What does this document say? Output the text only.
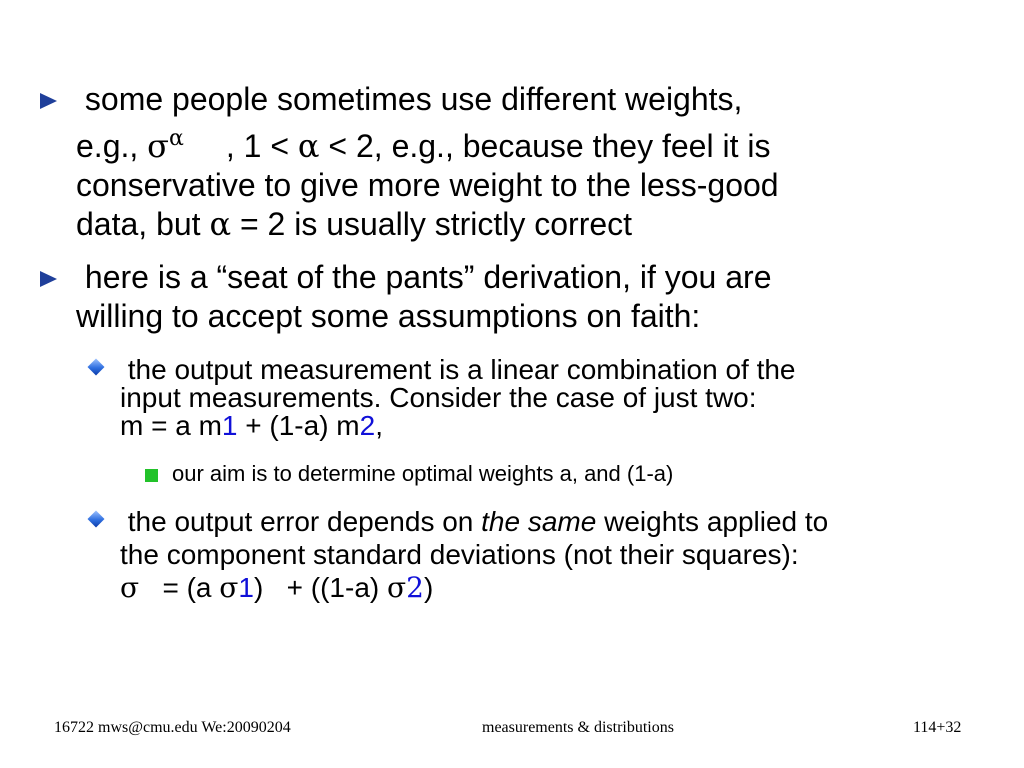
some people sometimes use different weights,
e.g., $\sigma^\alpha$ , 1 < α < 2, e.g., because they feel it is
conservative to give more weight to the less-good
data, but α = 2 is usually strictly correct
here is a “seat of the pants” derivation, if you are
willing to accept some assumptions on faith:
the output measurement is a linear combination of the
input measurements. Consider the case of just two:
m = a m1 + (1-a) m2,
our aim is to determine optimal weights a, and (1-a)
the output error depends on the same weights applied to
the component standard deviations (not their squares):
σ   = (a σ1)   + ((1-a) σ2)
16722 mws@cmu.edu We:20090204	measurements & distributions	114+32
